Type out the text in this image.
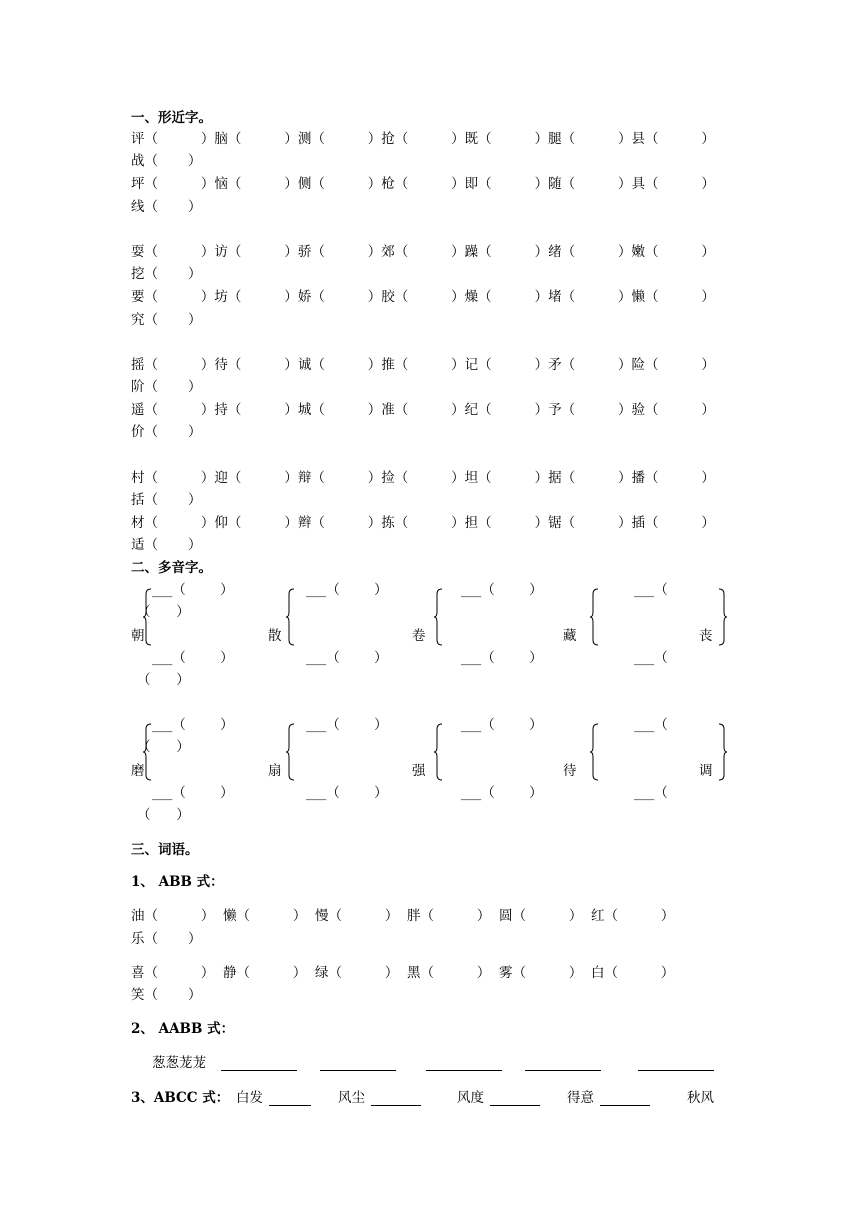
一、形近字。
评（          ）脑（          ）测（          ）抢（          ）既（          ）腿（          ）县（          ）
战（       ）
坪（          ）恼（          ）侧（          ）枪（          ）即（          ）随（          ）具（          ）
线（       ）
耍（          ）访（          ）骄（          ）郊（          ）躁（          ）绪（          ）嫩（          ）
挖（       ）
要（          ）坊（          ）娇（          ）胶（          ）燥（          ）堵（          ）懒（          ）
究（       ）
摇（          ）待（          ）诚（          ）推（          ）记（          ）矛（          ）险（          ）
阶（       ）
遥（          ）持（          ）城（          ）准（          ）纪（          ）予（          ）验（          ）
价（       ）
村（          ）迎（          ）辩（          ）捡（          ）坦（          ）据（          ）播（          ）
括（       ）
材（          ）仰（          ）辫（          ）拣（          ）担（          ）锯（          ）插（          ）
适（       ）
二、多音字。
___（        ）	___（        ）	___（        ）	___（
（      ）
朝	散	卷	藏	丧
___（        ）	___（        ）	___（        ）	___（
（      ）
___（        ）	___（        ）	___（        ）	___（
（      ）
磨	扇	强	待	调
___（        ）	___（        ）	___（        ）	___（
（      ）
三、词语。
1、 ABB 式：
油（          ）  懒（          ）  慢（          ）  胖（          ）  圆（          ）  红（          ）
乐（       ）
喜（          ）  静（          ）  绿（          ）  黑（          ）  雾（          ）  白（          ）
笑（       ）
2、 AABB 式：
葱葱茏茏
3、ABCC 式： 白发	风尘	风度	得意	秋风
